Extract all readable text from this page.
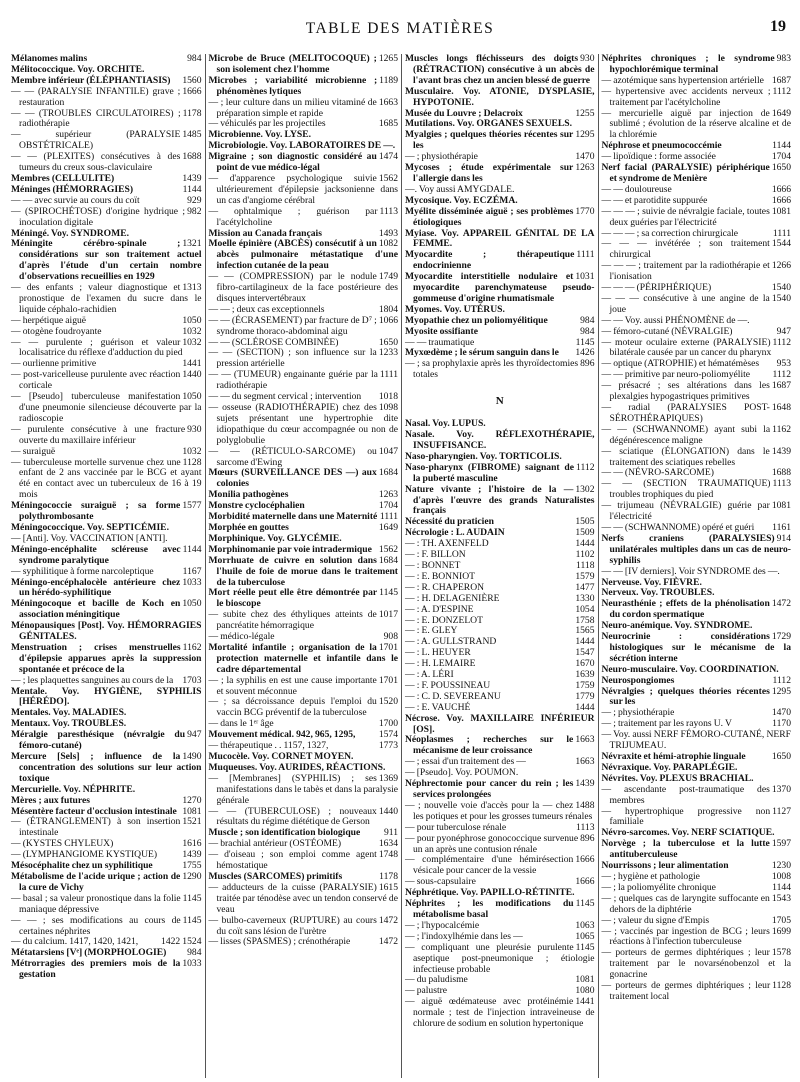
TABLE DES MATIÈRES	19

984
Mélanomes malins

Mélitococcique. Voy. ORCHITE.

1560
Membre inférieur (ÉLÉPHANTIASIS)

1666
— — (PARALYSIE INFANTILE) grave ; restauration

1178
— — (TROUBLES CIRCULATOIRES) ; radiothérapie

1485
— supérieur (PARALYSIE OBSTÉTRICALE)

1688
— — (PLEXITES) consécutives à des tumeurs du creux sous-claviculaire

1439
Membres (CELLULITE)

1144
Méninges (HÉMORRAGIES)

929
— — avec survie au cours du coït

982
— (SPIROCHÉTOSE) d'origine hydrique ; inoculation digitale

Méningé. Voy. SYNDROME.

1321
Méningite cérébro-spinale ; considérations sur son traitement actuel d'après l'étude d'un certain nombre d'observations recueillies en 1929

1313
— des enfants ; valeur diagnostique et pronostique de l'examen du sucre dans le liquide céphalo-rachidien

1050
— herpétique aiguë

1032
— otogène foudroyante

1032
— — purulente ; guérison et valeur localisatrice du réflexe d'adduction du pied

1441
— ourlienne primitive

1440
— post-varicelleuse purulente avec réaction corticale

1050
— [Pseudo] tuberculeuse manifestation d'une pneumonie silencieuse découverte par la radioscopie

930
— purulente consécutive à une fracture ouverte du maxillaire inférieur

1032
— suraiguë

1128
— tuberculeuse mortelle survenue chez une enfant de 2 ans vaccinée par le BCG et ayant été en contact avec un tuberculeux de 16 à 19 mois

1577
Méningococcie suraiguë ; sa forme polythrombosante

Méningococcique. Voy. SEPTICÉMIE.

— [Anti]. Voy. VACCINATION [ANTI].

1144
Méningo-encéphalite scléreuse avec syndrome paralytique

1167
— syphilitique à forme narcoleptique

1033
Méningo-encéphalocèle antérieure chez un hérédo-syphilitique

1050
Méningocoque et bacille de Koch en association méningitique

Ménopausiques [Post]. Voy. HÉMORRAGIES GÉNITALES.

1162
Menstruation ; crises menstruelles d'épilepsie apparues après la suppression spontanée et précoce de la

1703
— ; les plaquettes sanguines au cours de la

Mentale. Voy. HYGIÈNE, SYPHILIS [HÉRÉDO].

Mentales. Voy. MALADIES.

Mentaux. Voy. TROUBLES.

947
Méralgie paresthésique (névralgie du fémoro-cutané)

1490
Mercure [Sels] ; influence de la concentration des solutions sur leur action toxique

Mercurielle. Voy. NÉPHRITE.

1270
Mères ; aux futures

1081
Mésentère facteur d'occlusion intestinale

1521
— (ÉTRANGLEMENT) à son insertion intestinale

1616
— (KYSTES CHYLEUX)

1439
— (LYMPHANGIOME KYSTIQUE)

1755
Mésocéphalite chez un syphilitique

1290
Métabolisme de l'acide urique ; action de la cure de Vichy

1145
— basal ; sa valeur pronostique dans la folie maniaque dépressive

1145
— — ; ses modifications au cours de certaines néphrites

1422 1524
— du calcium. 1417, 1420, 1421,

984
Métatarsiens [Vᵉ] (MORPHOLOGIE)

1033
Métrorragies des premiers mois de la gestation

1265
Microbe de Bruce (MÉLITOCOQUE) ; son isolement chez l'homme

1189
Microbes ; variabilité microbienne ; phénomènes lytiques

1663
— ; leur culture dans un milieu vitaminé de préparation simple et rapide

1685
— véhiculés par les projectiles

Microbienne. Voy. LYSE.

Microbiologie. Voy. LABORATOIRES DE —.

1474
Migraine ; son diagnostic considéré au point de vue médico-légal

1562
— d'apparence psychologique suivie ultérieurement d'épilepsie jacksonienne dans un cas d'angiome cérébral

1113
— ophtalmique ; guérison par l'acétylcholine

1493
Mission au Canada français

1082
Moelle épinière (ABCÈS) consécutif à un abcès pulmonaire métastatique d'une infection cutanée de la peau

1749
— — (COMPRESSION) par le nodule fibro-cartilagineux de la face postérieure des disques intervertébraux

1804
— — ; deux cas exceptionnels

1066
— — (ÉCRASEMENT) par fracture de D⁷ ; syndrome thoraco-abdominal aigu

1650
— — (SCLÉROSE COMBINÉE)

1233
— — (SECTION) ; son influence sur la pression artérielle

1111
— — (TUMEUR) engainante guérie par la radiothérapie

1018
— — du segment cervical ; intervention

1098
— osseuse (RADIOTHÉRAPIE) chez des sujets présentant une hypertrophie dite idiopathique du cœur accompagnée ou non de polyglobulie

1047
— — (RÉTICULO-SARCOME) ou sarcome d'Ewing

1684
Mœurs (SURVEILLANCE DES —) aux colonies

1263
Monilia pathogènes

1704
Monstre cyclocéphalien

1111
Morbidité maternelle dans une Maternité

1649
Morphée en gouttes

Morphinique. Voy. GLYCÉMIE.

1562
Morphinomanie par voie intradermique

1684
Morrhuate de cuivre en solution dans l'huile de foie de morue dans le traitement de la tuberculose

1145
Mort réelle peut elle être démontrée par le bioscope

1017
— subite chez des éthyliques atteints de pancréatite hémorragique

908
— médico-légale

1701
Mortalité infantile ; organisation de la protection maternelle et infantile dans le cadre départemental

1701
— ; la syphilis en est une cause importante et souvent méconnue

1520
— ; sa décroissance depuis l'emploi du vaccin BCG préventif de la tuberculose

1700
— dans le 1ᵉʳ âge

1574
Mouvement médical. 942, 965, 1295,

1773
— thérapeutique . . 1157, 1327,

Mucocèle. Voy. CORNET MOYEN.

Muqueuses. Voy. AURIDES, RÉACTIONS.

1369
— [Membranes] (SYPHILIS) ; ses manifestations dans le tabès et dans la paralysie générale

1440
— — (TUBERCULOSE) ; nouveaux résultats du régime diététique de Gerson

911
Muscle ; son identification biologique

1634
— brachial antérieur (OSTÉOME)

1748
— d'oiseau ; son emploi comme agent hémostatique

1178
Muscles (SARCOMES) primitifs

1615
— adducteurs de la cuisse (PARALYSIE) traitée par ténodèse avec un tendon conservé de veau

1472
— bulbo-caverneux (RUPTURE) au cours du coït sans lésion de l'urètre

1472
— lisses (SPASMES) ; crénothérapie

930
Muscles longs fléchisseurs des doigts (RÉTRACTION) consécutive à un abcès de l'avant bras chez un ancien blessé de guerre

Musculaire. Voy. ATONIE, DYSPLASIE, HYPOTONIE.

1255
Musée du Louvre ; Delacroix

Mutilations. Voy. ORGANES SEXUELS.

1295
Myalgies ; quelques théories récentes sur les

1470
— ; physiothérapie

1263
Mycoses ; étude expérimentale sur l'allergie dans les

—. Voy aussi AMYGDALE.

Mycosique. Voy. ECZÉMA.

1770
Myélite disséminée aiguë ; ses problèmes étiologiques

Myiase. Voy. APPAREIL GÉNITAL DE LA FEMME.

1111
Myocardite ; thérapeutique endocrinienne

1031
Myocardite interstitielle nodulaire et myocardite parenchymateuse pseudo-gommeuse d'origine rhumatismale

Myomes. Voy. UTÉRUS.

984
Myopathie chez un poliomyélitique

984
Myosite ossifiante

1145
— — traumatique

1426
Myxœdème ; le sérum sanguin dans le

896
— ; sa prophylaxie après les thyroïdectomies totales

N

Nasal. Voy. LUPUS.

Nasale. Voy. RÉFLEXOTHÉRAPIE, INSUFFISANCE.

Naso-pharyngien. Voy. TORTICOLIS.

1112
Naso-pharynx (FIBROME) saignant de la puberté masculine

1302
Nature vivante ; l'histoire de la — d'après l'œuvre des grands Naturalistes français

1505
Nécessité du praticien

1509
Nécrologie : L. AUDAIN

1444
— : TH. AXENFELD

1102
— : F. BILLON

1118
— : BONNET

1579
— : E. BONNIOT

1477
— : R. CHAPERON

1330
— : H. DELAGENIÈRE

1054
— : A. D'ESPINE

1758
— : E. DONZELOT

1565
— : E. GLEY

1444
— : A. GULLSTRAND

1547
— : L. HEUYER

1670
— : H. LEMAIRE

1639
— : A. LÉRI

1759
— : F. POUSSINEAU

1779
— : C. D. SEVEREANU

1444
— : E. VAUCHÉ

Nécrose. Voy. MAXILLAIRE INFÉRIEUR [OS].

1663
Néoplasmes ; recherches sur le mécanisme de leur croissance

1663
— ; essai d'un traitement des —

— [Pseudo]. Voy. POUMON.

1439
Néphrectomie pour cancer du rein ; les services prolongées

1488
— ; nouvelle voie d'accès pour la — chez les potiques et pour les grosses tumeurs rénales

1113
— pour tuberculose rénale

896
— pour pyonéphrose gonococcique survenue un an après une contusion rénale

1666
— complémentaire d'une hémirésection vésicale pour cancer de la vessie

1666
— sous-capsulaire

Néphrétique. Voy. PAPILLO-RÉTINITE.

1145
Néphrites ; les modifications du métabolisme basal

1063
— ; l'hypocalcémie

1065
— ; l'indoxylhémie dans les —

1145
— compliquant une pleurésie purulente aseptique post-pneumonique ; étiologie infectieuse probable

1081
— du paludisme

1080
— palustre

1441
— aiguë œdémateuse avec protéinémie normale ; test de l'injection intraveineuse de chlorure de sodium en solution hypertonique

983
Néphrites chroniques ; le syndrome hypochlorémique terminal

1687
— azotémique sans hypertension artérielle

1112
— hypertensive avec accidents nerveux ; traitement par l'acétylcholine

1649
— mercurielle aiguë par injection de sublimé ; évolution de la réserve alcaline et de la chlorémie

1144
Néphrose et pneumococcémie

1704
— lipoïdique : forme associée

1650
Nerf facial (PARALYSIE) périphérique et syndrome de Menière

1666
— — douloureuse

1666
— — et parotidite suppurée

1081
— — — ; suivie de névralgie faciale, toutes deux guéries par l'électricité

1111
— — — ; sa correction chirurgicale

1544
— — — invétérée ; son traitement chirurgical

1266
— — — ; traitement par la radiothérapie et l'ionisation

1540
— — — (PÉRIPHÉRIQUE)

1540
— — — consécutive à une angine de la joue

— — Voy. aussi PHÉNOMÈNE de —.

947
— fémoro-cutané (NÉVRALGIE)

1112
— moteur oculaire externe (PARALYSIE) bilatérale causée par un cancer du pharynx

953
— optique (ATROPHIE) et hématémèses

1112
— — primitive par neuro-poliomyélite

1687
— présacré ; ses altérations dans les plexalgies hypogastriques primitives

1648
— radial (PARALYSIES POST-SÉROTHÉRAPIQUES)

1162
— — (SCHWANNOME) ayant subi la dégénérescence maligne

1439
— sciatique (ÉLONGATION) dans le traitement des sciatiques rebelles

1688
— — (NÉVRO-SARCOME)

1113
— — (SECTION TRAUMATIQUE) troubles trophiques du pied

1081
— trijumeau (NÉVRALGIE) guérie par l'électricité

1161
— — (SCHWANNOME) opéré et guéri

914
Nerfs craniens (PARALYSIES) unilatérales multiples dans un cas de neuro-syphilis

— — [IV derniers]. Voir SYNDROME des —.

Nerveuse. Voy. FIÈVRE.

Nerveux. Voy. TROUBLES.

1472
Neurasthénie ; effets de la phénolisation du cordon spermatique

Neuro-anémique. Voy. SYNDROME.

1729
Neurocrinie : considérations histologiques sur le mécanisme de la sécrétion interne

Neuro-musculaire. Voy. COORDINATION.

1112
Neurospongiomes

1295
Névralgies ; quelques théories récentes sur les

1470
— ; physiothérapie

1170
— ; traitement par les rayons U. V

— Voy. aussi NERF FÉMORO-CUTANÉ, NERF TRIJUMEAU.

1650
Névraxite et hémi-atrophie linguale

Névraxique. Voy. PARAPLÉGIE.

Névrites. Voy. PLEXUS BRACHIAL.

1370
— ascendante post-traumatique des membres

1127
— hypertrophique progressive non familiale

Névro-sarcomes. Voy. NERF SCIATIQUE.

1597
Norvège ; la tuberculose et la lutte antituberculeuse

1230
Nourrissons ; leur alimentation

1008
— ; hygiène et pathologie

1144
— ; la poliomyélite chronique

1543
— ; quelques cas de laryngite suffocante en dehors de la diphtérie

1705
— ; valeur du signe d'Empis

1699
— ; vaccinés par ingestion de BCG ; leurs réactions à l'infection tuberculeuse

1578
— porteurs de germes diphtériques ; leur traitement par le novarsénobenzol et la gonacrine

1128
— porteurs de germes diphtériques ; leur traitement local
